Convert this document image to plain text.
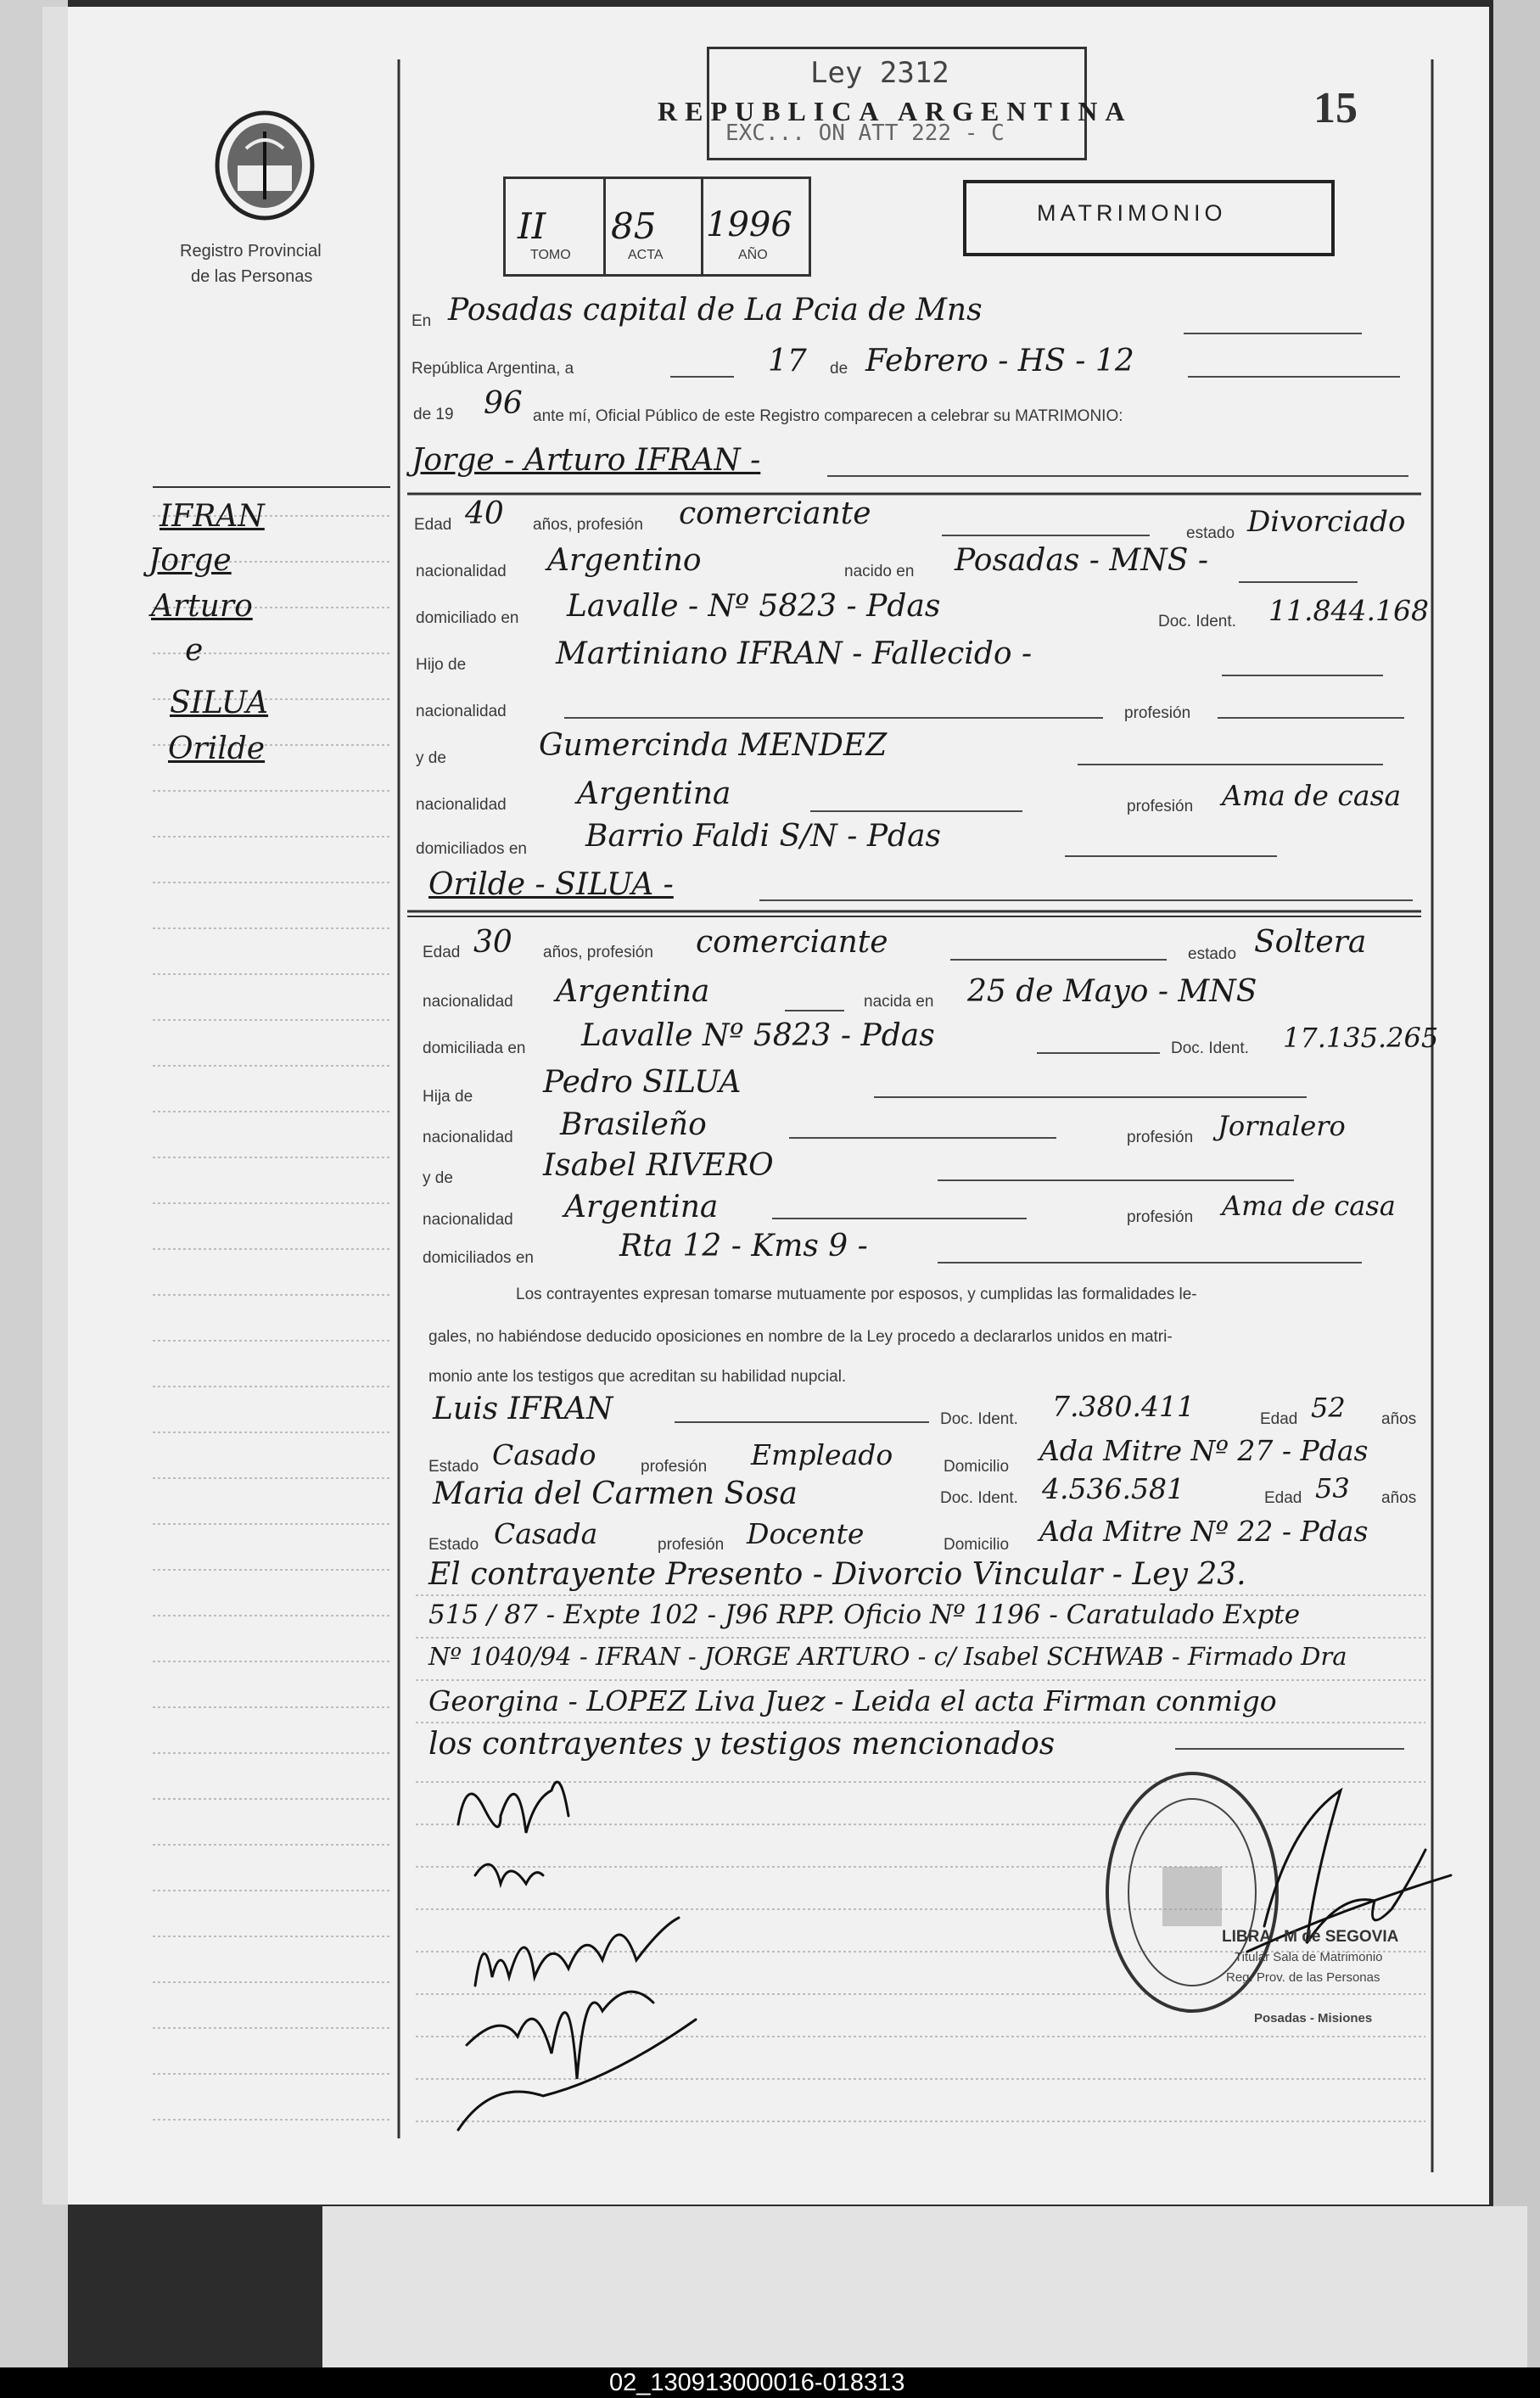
Registro Provincial
de las Personas
Ley 2312
EXC... ON ATT 222 - C
REPUBLICA ARGENTINA	15
II 85 1996
TOMO	ACTA	AÑO
MATRIMONIO
IFRAN
Jorge
Arturo
e
SILUA
Orilde
En Posadas capital de La Pcia de Mns
República Argentina, a	17 de Febrero - HS - 12
de 19 96 ante mí, Oficial Público de este Registro comparecen a celebrar su MATRIMONIO:
Jorge - Arturo IFRAN -
Edad 40 años, profesión comerciante
estado Divorciado
nacionalidad Argentino	nacido en Posadas - MNS -
domiciliado en Lavalle - Nº 5823 - Pdas	Doc. Ident. 11.844.168
Hijo de	Martiniano IFRAN - Fallecido -
nacionalidad	profesión
y de	Gumercinda MENDEZ
nacionalidad Argentina	profesión Ama de casa
domiciliados en Barrio Faldi S/N - Pdas
Orilde - SILUA -
Edad 30 años, profesión comerciante	estado Soltera
nacionalidad Argentina	nacida en 25 de Mayo - MNS
domiciliada en Lavalle Nº 5823 - Pdas	Doc. Ident. 17.135.265
Hija de Pedro SILUA
nacionalidad Brasileño	profesión Jornalero
y de	Isabel RIVERO
nacionalidad Argentina	profesión Ama de casa
domiciliados en	Rta 12 - Kms 9 -
Los contrayentes expresan tomarse mutuamente por esposos, y cumplidas las formalidades le-
gales, no habiéndose deducido oposiciones en nombre de la Ley procedo a declararlos unidos en matri-
monio ante los testigos que acreditan su habilidad nupcial.
Luis IFRAN	Doc. Ident. 7.380.411	Edad 52 años
Estado Casado	profesión Empleado	Domicilio Ada Mitre Nº 27 - Pdas
Maria del Carmen Sosa	Doc. Ident. 4.536.581	Edad 53 años
Estado Casada	profesión Docente	Domicilio Ada Mitre Nº 22 - Pdas
El contrayente Presento - Divorcio Vincular - Ley 23.
515 / 87 - Expte 102 - J96 RPP. Oficio Nº 1196 - Caratulado Expte
Nº 1040/94 - IFRAN - JORGE ARTURO - c/ Isabel SCHWAB - Firmado Dra
Georgina - LOPEZ Liva Juez - Leida el acta Firman conmigo
los contrayentes y testigos mencionados
LIBRA . M de SEGOVIA
Titular Sala de Matrimonio
Reg. Prov. de las Personas
Posadas - Misiones
02_130913000016-018313
